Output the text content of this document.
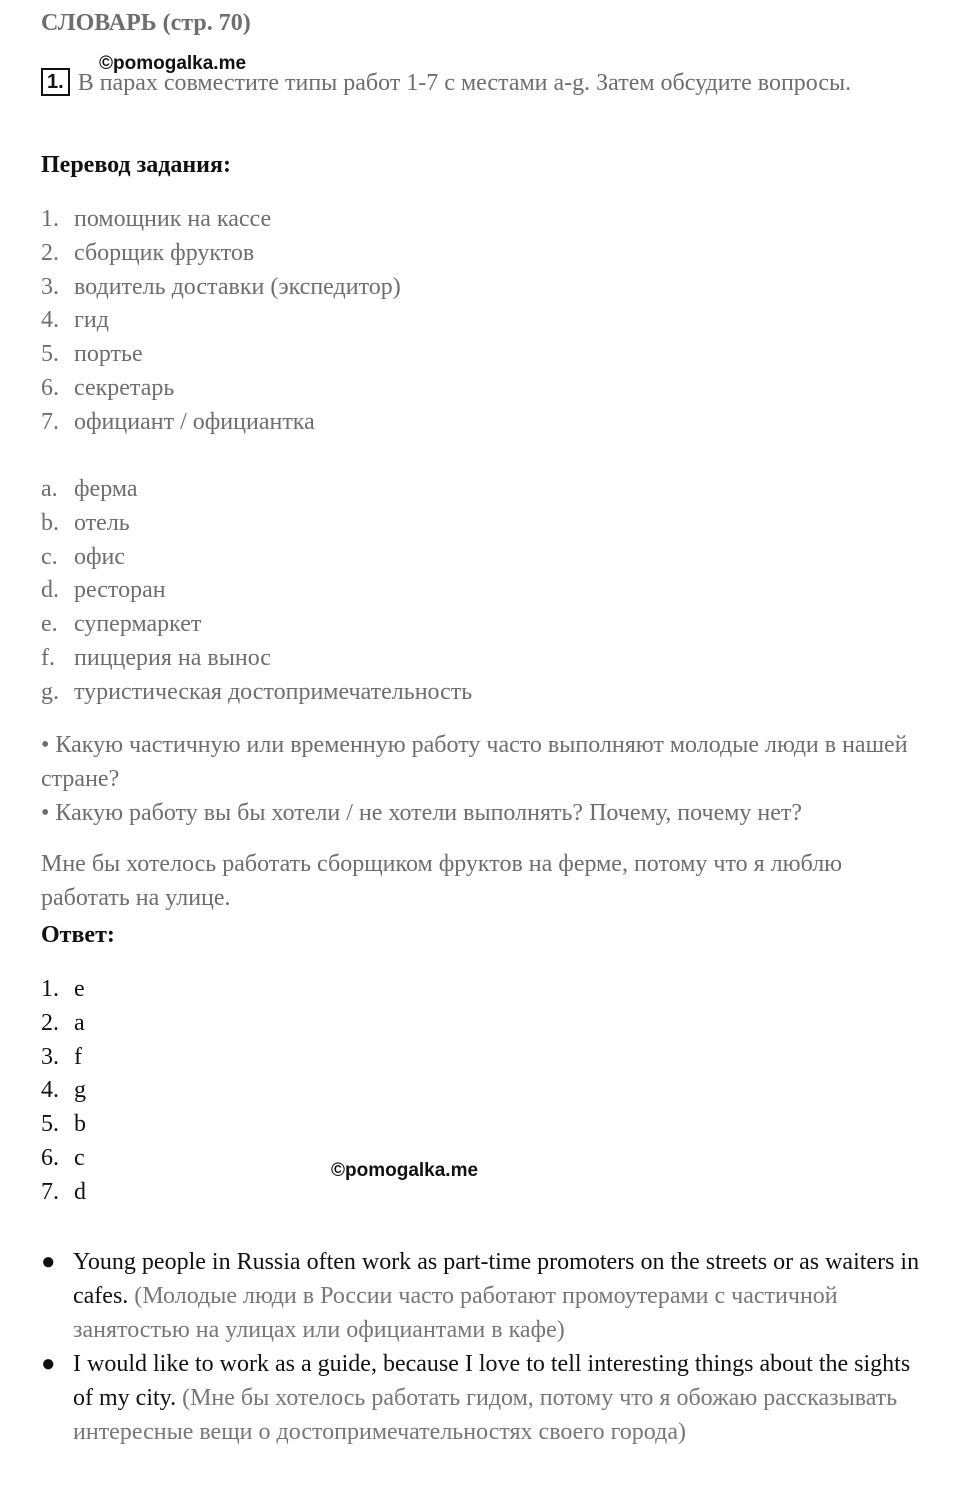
СЛОВАРЬ (стр. 70)
©pomogalka.me
1. В парах совместите типы работ 1-7 с местами a-g. Затем обсудите вопросы.
Перевод задания:
1. помощник на кассе
2. сборщик фруктов
3. водитель доставки (экспедитор)
4. гид
5. портье
6. секретарь
7. официант / официантка
a. ферма
b. отель
c. офис
d. ресторан
e. супермаркет
f. пиццерия на вынос
g. туристическая достопримечательность
• Какую частичную или временную работу часто выполняют молодые люди в нашей стране?
• Какую работу вы бы хотели / не хотели выполнять? Почему, почему нет?
Мне бы хотелось работать сборщиком фруктов на ферме, потому что я люблю работать на улице.
Ответ:
1. e
2. a
3. f
4. g
5. b
6. c
7. d
©pomogalka.me
● Young people in Russia often work as part-time promoters on the streets or as waiters in cafes. (Молодые люди в России часто работают промоутерами с частичной занятостью на улицах или официантами в кафе)
● I would like to work as a guide, because I love to tell interesting things about the sights of my city. (Мне бы хотелось работать гидом, потому что я обожаю рассказывать интересные вещи о достопримечательностях своего города)
